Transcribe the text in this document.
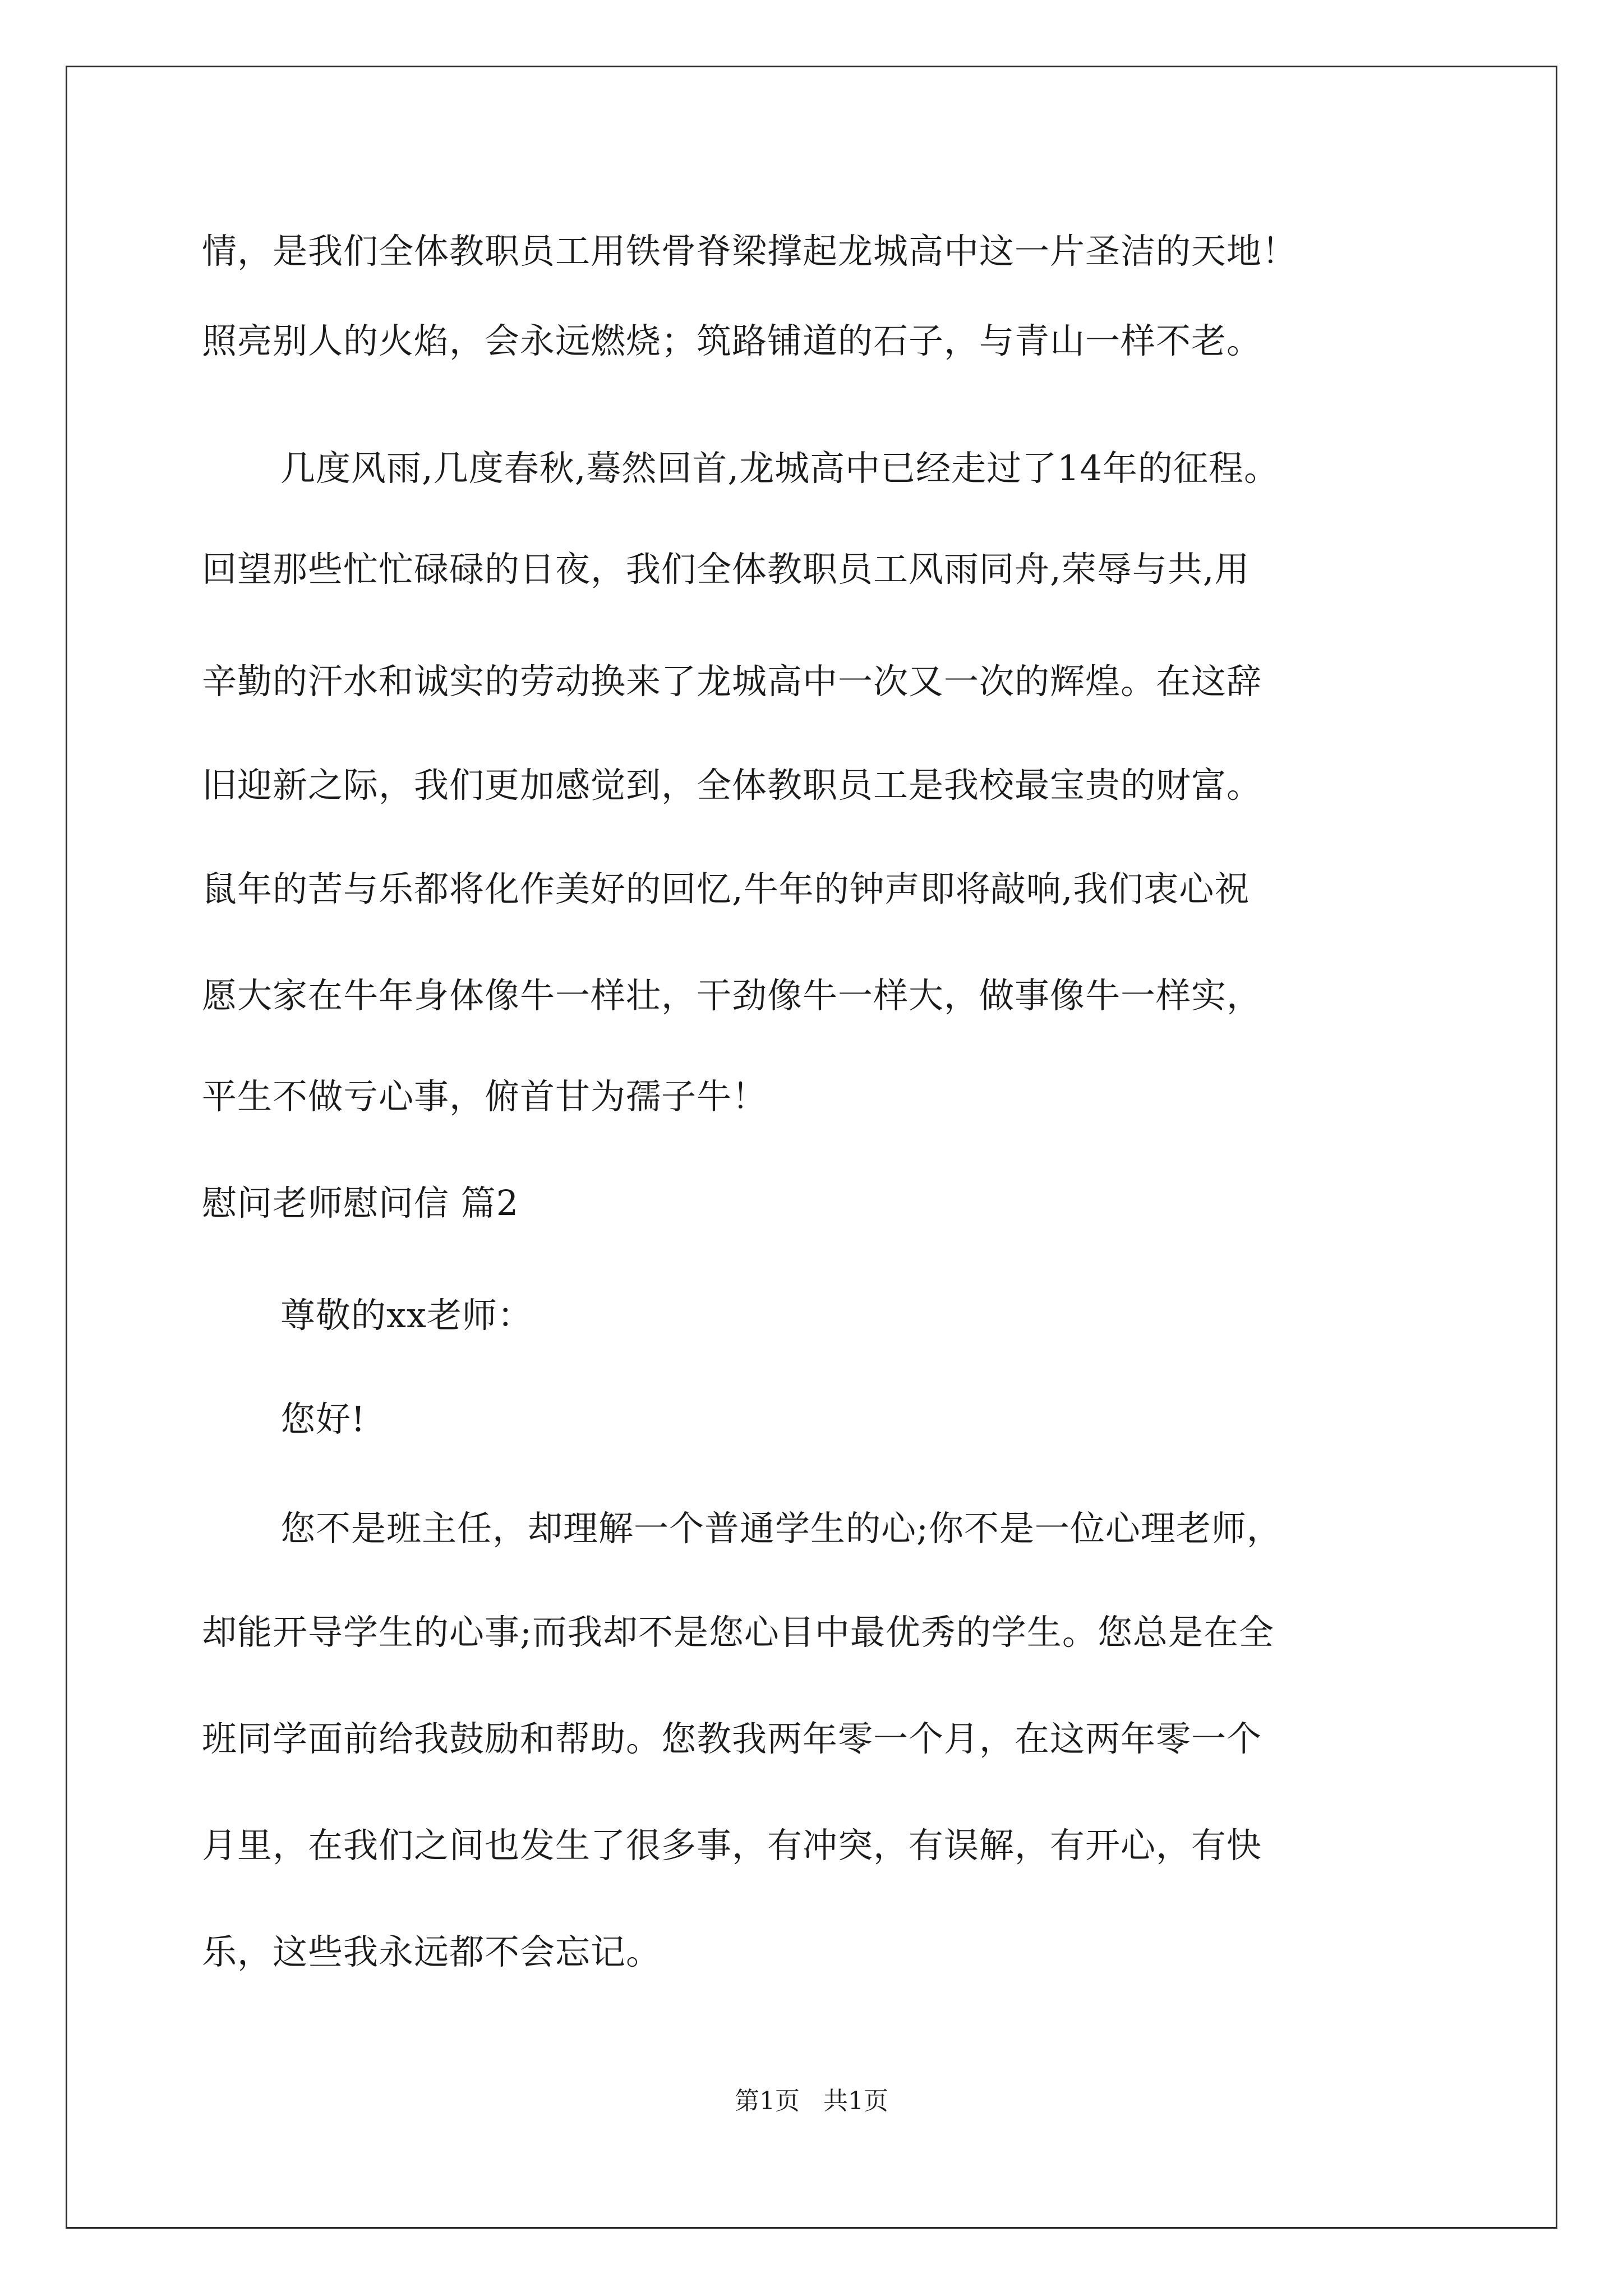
情，是我们全体教职员工用铁骨脊梁撑起龙城高中这一片圣洁的天地！
照亮别人的火焰，会永远燃烧；筑路铺道的石子，与青山一样不老。
几度风雨,几度春秋,蓦然回首,龙城高中已经走过了14年的征程。
回望那些忙忙碌碌的日夜，我们全体教职员工风雨同舟,荣辱与共,用
辛勤的汗水和诚实的劳动换来了龙城高中一次又一次的辉煌。在这辞
旧迎新之际，我们更加感觉到，全体教职员工是我校最宝贵的财富。
鼠年的苦与乐都将化作美好的回忆,牛年的钟声即将敲响,我们衷心祝
愿大家在牛年身体像牛一样壮，干劲像牛一样大，做事像牛一样实，
平生不做亏心事，俯首甘为孺子牛！
慰问老师慰问信 篇2
尊敬的xx老师：
您好!
您不是班主任，却理解一个普通学生的心;你不是一位心理老师，
却能开导学生的心事;而我却不是您心目中最优秀的学生。您总是在全
班同学面前给我鼓励和帮助。您教我两年零一个月，在这两年零一个
月里，在我们之间也发生了很多事，有冲突，有误解，有开心，有快
乐，这些我永远都不会忘记。
第1页   共1页
